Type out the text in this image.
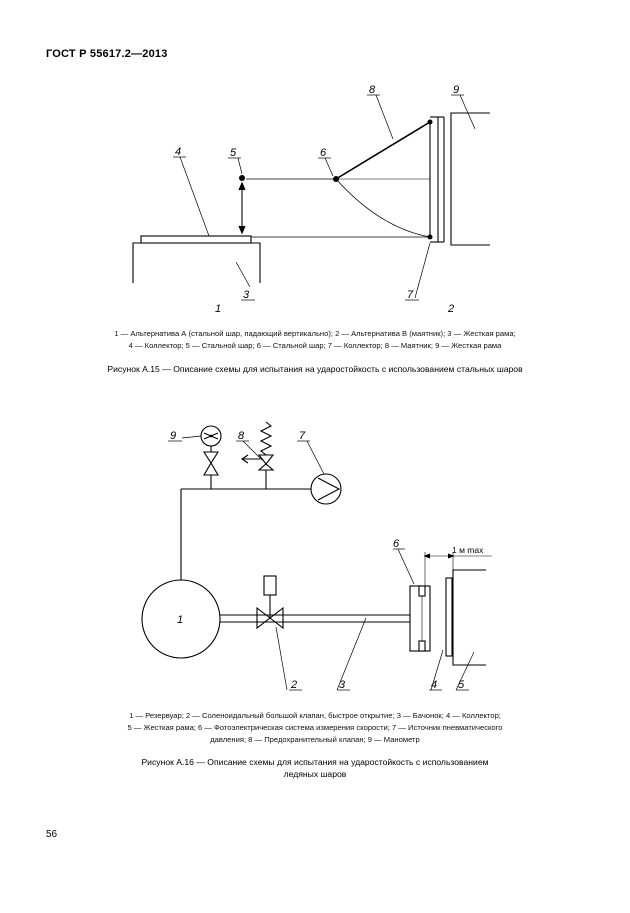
ГОСТ Р 55617.2—2013
4	5	6
8	9
3	7
1	2
1
9	8	7
6
2	3	4 5
1 м max
1 — Альтернатива А (стальной шар, падающий вертикально); 2 — Альтернатива В (маятник); 3 — Жесткая рама;
4 — Коллектор; 5 — Стальной шар; 6 — Стальной шар; 7 — Коллектор; 8 — Маятник; 9 — Жесткая рама
Рисунок А.15 — Описание схемы для испытания на ударостойкость с использованием стальных шаров
1 — Резервуар; 2 — Соленоидальный большой клапан, быстрое открытие; 3 — Бачонок; 4 — Коллектор;
5 — Жесткая рама; 6 — Фотоэлектрическая система измерения скорости; 7 — Источник пневматического
давления; 8 — Предохранительный клапан; 9 — Манометр
Рисунок А.16 — Описание схемы для испытания на ударостойкость с использованием
ледяных шаров
56
